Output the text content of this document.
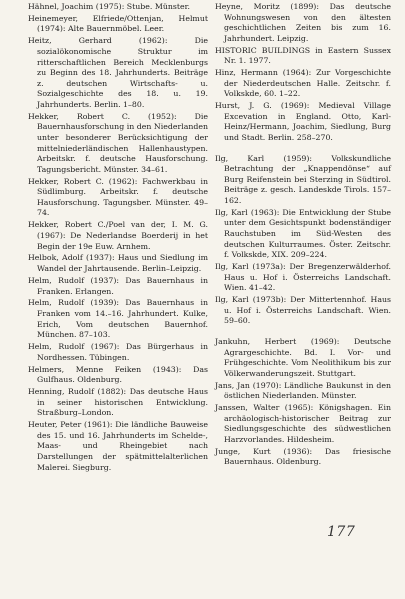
Hähnel, Joachim (1975): Stube. Münster.

Heinemeyer, Elfriede/Ottenjan, Helmut (1974): Alte Bauernmöbel. Leer.

Heitz, Gerhard (1962): Die sozialökonomische Struktur im ritterschaftlichen Bereich Mecklenburgs zu Beginn des 18. Jahrhunderts. Beiträge z. deutschen Wirtschafts- u. Sozialgeschichte des 18. u. 19. Jahrhunderts. Berlin. 1–80.

Hekker, Robert C. (1952): Die Bauernhausforschung in den Niederlanden unter besonderer Berücksichtigung der mittelniederländischen Hallenhaustypen. Arbeitskr. f. deutsche Hausforschung. Tagungsbericht. Münster. 34–61.

Hekker, Robert C. (1962): Fachwerkbau in Südlimburg. Arbeitskr. f. deutsche Hausforschung. Tagungsber. Münster. 49–74.

Hekker, Robert C./Poel van der, I. M. G. (1967): De Nederlandse Boerderij in het Begin der 19e Euw. Arnhem.

Helbok, Adolf (1937): Haus und Siedlung im Wandel der Jahrtausende. Berlin–Leipzig.

Helm, Rudolf (1937): Das Bauernhaus in Franken. Erlangen.

Helm, Rudolf (1939): Das Bauernhaus in Franken vom 14.–16. Jahrhundert. Kulke, Erich, Vom deutschen Bauernhof. München. 87–103.

Helm, Rudolf (1967): Das Bürgerhaus in Nordhessen. Tübingen.

Helmers, Menne Feiken (1943): Das Gulfhaus. Oldenburg.

Henning, Rudolf (1882): Das deutsche Haus in seiner historischen Entwicklung. Straßburg–London.

Heuter, Peter (1961): Die ländliche Bauweise des 15. und 16. Jahrhunderts im Schelde-, Maas- und Rheingebiet nach Darstellungen der spätmittelalterlichen Malerei. Siegburg.

Heyne, Moritz (1899): Das deutsche Wohnungswesen von den ältesten geschichtlichen Zeiten bis zum 16. Jahrhundert. Leipzig.

HISTORIC BUILDINGS in Eastern Sussex Nr. 1. 1977.

Hinz, Hermann (1964): Zur Vorgeschichte der Niederdeutschen Halle. Zeitschr. f. Volkskde, 60. 1–22.

Hurst, J. G. (1969): Medieval Village Excevation in England. Otto, Karl-Heinz/Hermann, Joachim, Siedlung, Burg und Stadt. Berlin. 258–270.

Ilg, Karl (1959): Volkskundliche Betrachtung der „Knappendönse“ auf Burg Reifenstein bei Sterzing in Südtirol. Beiträge z. gesch. Landeskde Tirols. 157–162.

Ilg, Karl (1963): Die Entwicklung der Stube unter dem Gesichtspunkt bodenständiger Rauchstuben im Süd-Westen des deutschen Kulturraumes. Öster. Zeitschr. f. Volkskde, XIX. 209–224.

Ilg, Karl (1973a): Der Bregenzerwälderhof. Haus u. Hof i. Österreichs Landschaft. Wien. 41–42.

Ilg, Karl (1973b): Der Mittertennhof. Haus u. Hof i. Österreichs Landschaft. Wien. 59–60.

Jankuhn, Herbert (1969): Deutsche Agrargeschichte. Bd. I. Vor- und Frühgeschichte. Vom Neolithikum bis zur Völkerwanderungszeit. Stuttgart.

Jans, Jan (1970): Ländliche Baukunst in den östlichen Niederlanden. Münster.

Janssen, Walter (1965): Königshagen. Ein archäologisch-historischer Beitrag zur Siedlungsgeschichte des südwestlichen Harzvorlandes. Hildesheim.

Junge, Kurt (1936): Das friesische Bauernhaus. Oldenburg.

177
